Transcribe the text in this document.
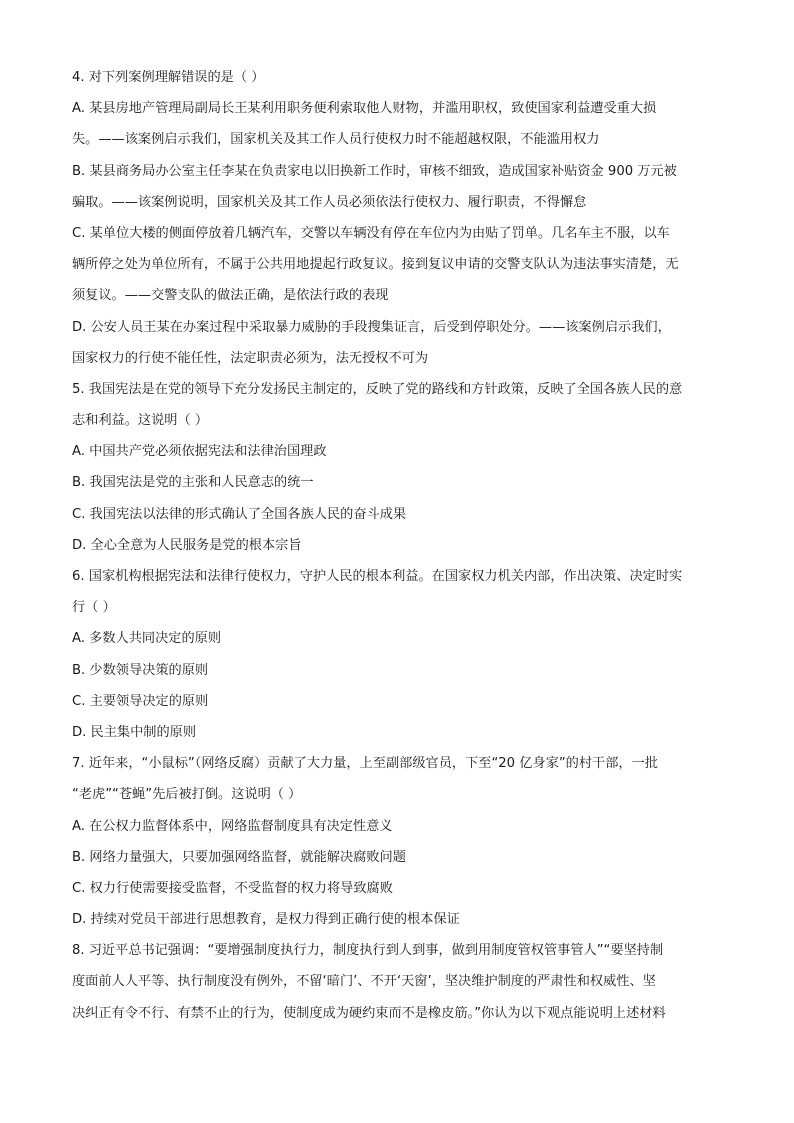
4. 对下列案例理解错误的是（ ）
A. 某县房地产管理局副局长王某利用职务便利索取他人财物，并滥用职权，致使国家利益遭受重大损
失。——该案例启示我们，国家机关及其工作人员行使权力时不能超越权限，不能滥用权力
B. 某县商务局办公室主任李某在负责家电以旧换新工作时，审核不细致，造成国家补贴资金 900 万元被
骗取。——该案例说明，国家机关及其工作人员必须依法行使权力、履行职责，不得懈怠
C. 某单位大楼的侧面停放着几辆汽车，交警以车辆没有停在车位内为由贴了罚单。几名车主不服，以车
辆所停之处为单位所有，不属于公共用地提起行政复议。接到复议申请的交警支队认为违法事实清楚，无
须复议。——交警支队的做法正确，是依法行政的表现
D. 公安人员王某在办案过程中采取暴力威胁的手段搜集证言，后受到停职处分。——该案例启示我们，
国家权力的行使不能任性，法定职责必须为，法无授权不可为
5. 我国宪法是在党的领导下充分发扬民主制定的，反映了党的路线和方针政策，反映了全国各族人民的意
志和利益。这说明（ ）
A. 中国共产党必须依据宪法和法律治国理政
B. 我国宪法是党的主张和人民意志的统一
C. 我国宪法以法律的形式确认了全国各族人民的奋斗成果
D. 全心全意为人民服务是党的根本宗旨
6. 国家机构根据宪法和法律行使权力，守护人民的根本利益。在国家权力机关内部，作出决策、决定时实
行（ ）
A. 多数人共同决定的原则
B. 少数领导决策的原则
C. 主要领导决定的原则
D. 民主集中制的原则
7. 近年来，“小鼠标”（网络反腐）贡献了大力量，上至副部级官员，下至“20 亿身家”的村干部，一批
“老虎”“苍蝇”先后被打倒。这说明（ ）
A. 在公权力监督体系中，网络监督制度具有决定性意义
B. 网络力量强大，只要加强网络监督，就能解决腐败问题
C. 权力行使需要接受监督，不受监督的权力将导致腐败
D. 持续对党员干部进行思想教育，是权力得到正确行使的根本保证
8. 习近平总书记强调：“要增强制度执行力，制度执行到人到事，做到用制度管权管事管人”“要坚持制
度面前人人平等、执行制度没有例外，不留‘暗门’、不开‘天窗’，坚决维护制度的严肃性和权威性、坚
决纠正有令不行、有禁不止的行为，使制度成为硬约束而不是橡皮筋。”你认为以下观点能说明上述材料
